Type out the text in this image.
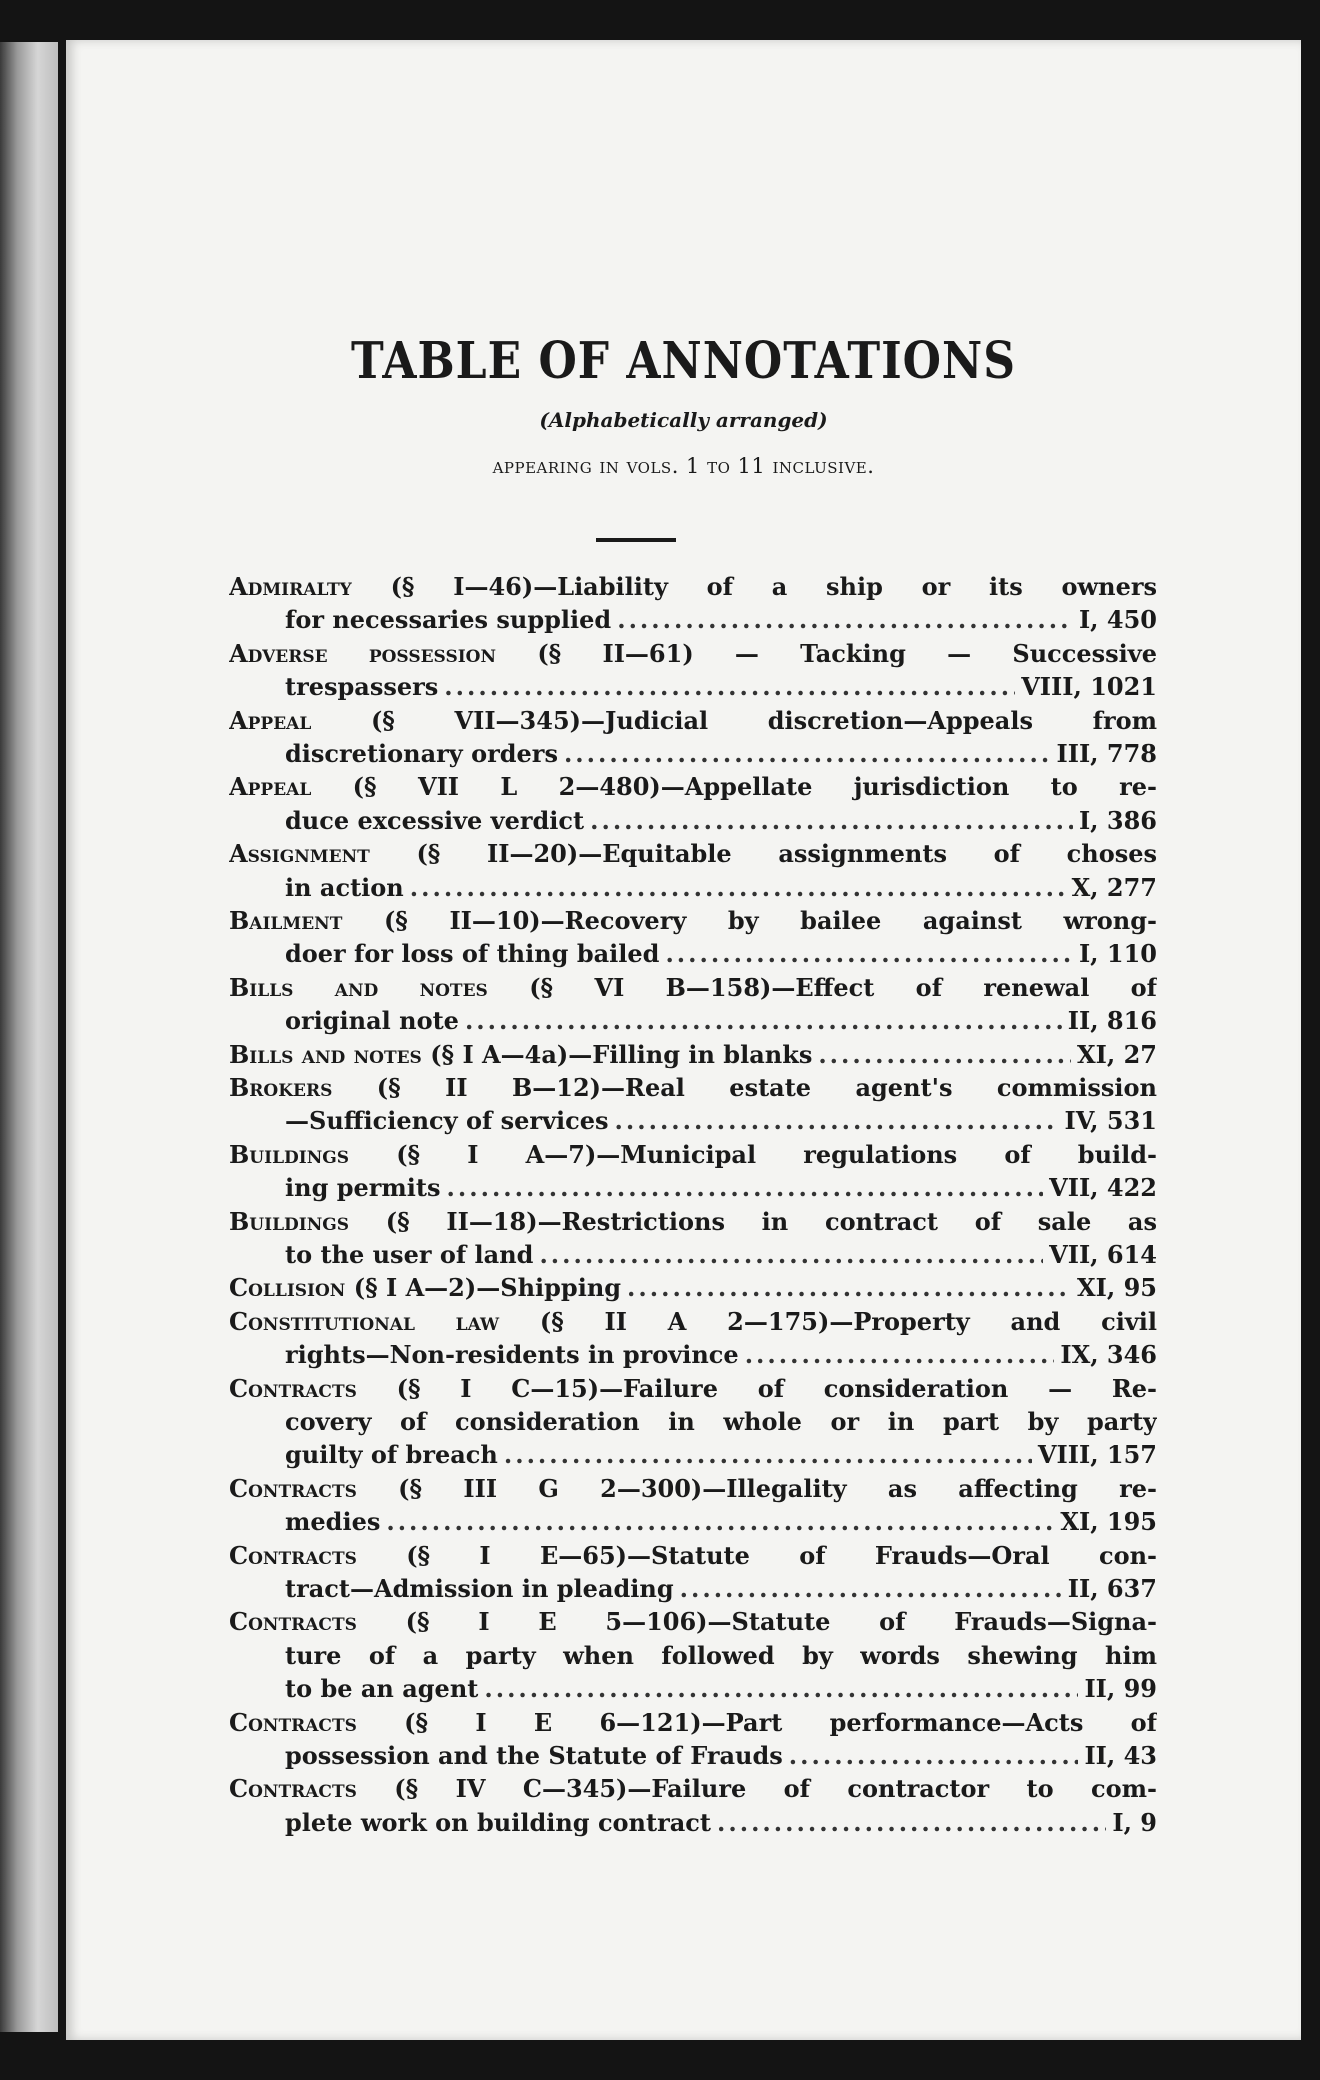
TABLE OF ANNOTATIONS
(Alphabetically arranged)
appearing in vols. 1 to 11 inclusive.
Admiralty (§ I—46)—Liability of a ship or its owners
for necessaries supplied .....	I, 450
Adverse possession (§ II—61) — Tacking — Successive
trespassers .....	VIII, 1021
Appeal (§ VII—345)—Judicial discretion—Appeals from
discretionary orders .....	III, 778
Appeal (§ VII L 2—480)—Appellate jurisdiction to re-
duce excessive verdict .....	I, 386
Assignment (§ II—20)—Equitable assignments of choses
in action .....	X, 277
Bailment (§ II—10)—Recovery by bailee against wrong-
doer for loss of thing bailed .....	I, 110
Bills and notes (§ VI B—158)—Effect of renewal of
original note .....	II, 816
Bills and notes (§ I A—4a)—Filling in blanks .....	XI, 27
Brokers (§ II B—12)—Real estate agent's commission
—Sufficiency of services .....	IV, 531
Buildings (§ I A—7)—Municipal regulations of build-
ing permits .....	VII, 422
Buildings (§ II—18)—Restrictions in contract of sale as
to the user of land .....	VII, 614
Collision (§ I A—2)—Shipping .....	XI, 95
Constitutional law (§ II A 2—175)—Property and civil
rights—Non-residents in province .....	IX, 346
Contracts (§ I C—15)—Failure of consideration — Re-
covery of consideration in whole or in part by party
guilty of breach .....	VIII, 157
Contracts (§ III G 2—300)—Illegality as affecting re-
medies .....	XI, 195
Contracts (§ I E—65)—Statute of Frauds—Oral con-
tract—Admission in pleading .....	II, 637
Contracts (§ I E 5—106)—Statute of Frauds—Signa-
ture of a party when followed by words shewing him
to be an agent .....	II, 99
Contracts (§ I E 6—121)—Part performance—Acts of
possession and the Statute of Frauds .....	II, 43
Contracts (§ IV C—345)—Failure of contractor to com-
plete work on building contract .....	I, 9
